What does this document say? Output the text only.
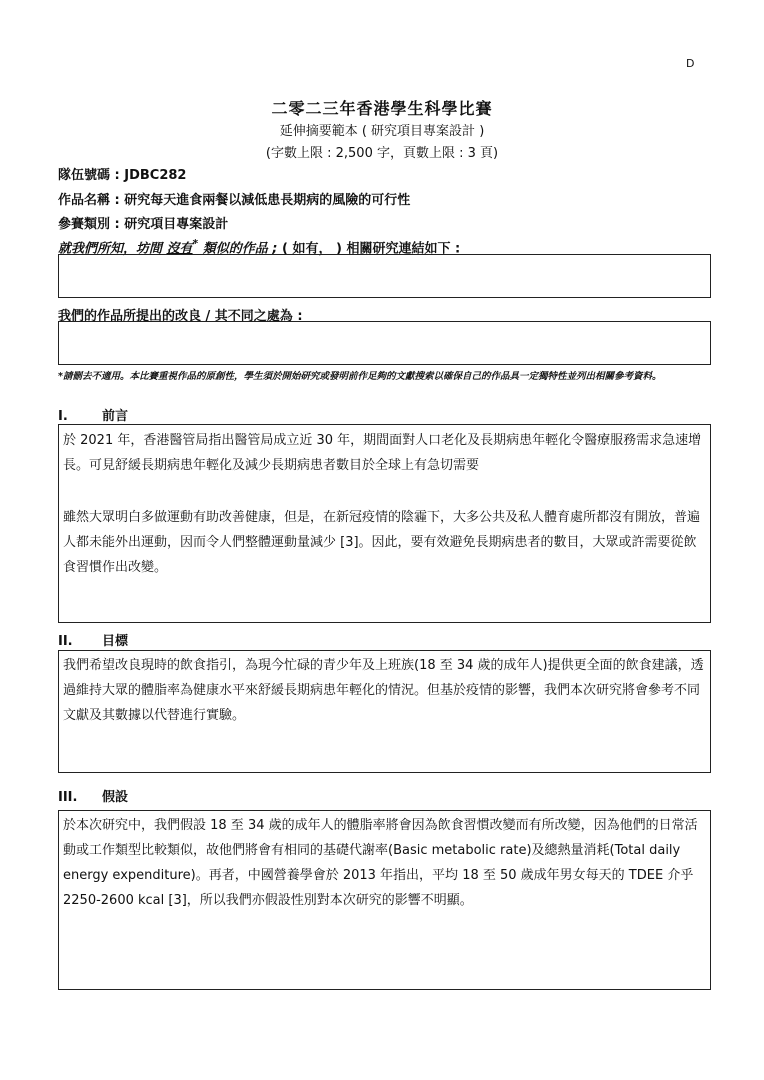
D
二零二三年香港學生科學比賽
延伸摘要範本 ( 研究項目專案設計 )
(字數上限 : 2,500 字，頁數上限 : 3 頁)
隊伍號碼 : JDBC282
作品名稱 : 研究每天進食兩餐以減低患長期病的風險的可行性
參賽類別 : 研究項目專案設計
就我們所知，坊間 沒有* 類似的作品 ; ( 如有， ) 相關研究連結如下 :
我們的作品所提出的改良 / 其不同之處為 :
*請刪去不適用。本比賽重視作品的原創性，學生須於開始研究或發明前作足夠的文獻搜索以確保自己的作品具一定獨特性並列出相關參考資料。
I.	前言
於 2021 年，香港醫管局指出醫管局成立近 30 年，期間面對人口老化及長期病患年輕化令醫療服務需求急速增長。可見舒緩長期病患年輕化及減少長期病患者數目於全球上有急切需要
雖然大眾明白多做運動有助改善健康，但是，在新冠疫情的陰霾下，大多公共及私人體育處所都沒有開放，普遍人都未能外出運動，因而令人們整體運動量減少 [3]。因此，要有效避免長期病患者的數目，大眾或許需要從飲食習慣作出改變。
II. 目標
我們希望改良現時的飲食指引，為現今忙碌的青少年及上班族(18 至 34 歲的成年人)提供更全面的飲食建議，透過維持大眾的體脂率為健康水平來舒緩長期病患年輕化的情況。但基於疫情的影響，我們本次研究將會參考不同文獻及其數據以代替進行實驗。
III. 假設
於本次研究中，我們假設 18 至 34 歲的成年人的體脂率將會因為飲食習慣改變而有所改變，因為他們的日常活動或工作類型比較類似，故他們將會有相同的基礎代謝率(Basic metabolic rate)及總熱量消耗(Total daily energy expenditure)。再者，中國營養學會於 2013 年指出，平均 18 至 50 歲成年男女每天的 TDEE 介乎 2250-2600 kcal [3]，所以我們亦假設性別對本次研究的影響不明顯。
